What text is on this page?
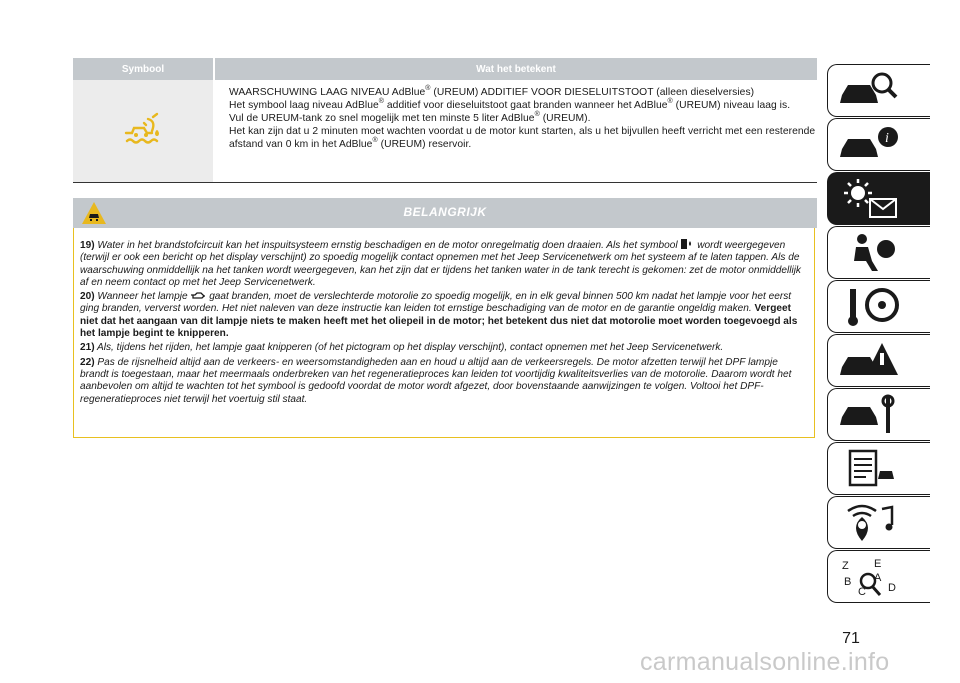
Symbool	Wat het betekent

WAARSCHUWING LAAG NIVEAU AdBlue® (UREUM) ADDITIEF VOOR DIESELUITSTOOT (alleen dieselversies)

Het symbool laag niveau AdBlue® additief voor dieseluitstoot gaat branden wanneer het AdBlue® (UREUM) niveau laag is.

Vul de UREUM-tank zo snel mogelijk met ten minste 5 liter AdBlue® (UREUM).

Het kan zijn dat u 2 minuten moet wachten voordat u de motor kunt starten, als u het bijvullen heeft verricht met een resterende afstand van 0 km in het AdBlue® (UREUM) reservoir.

BELANGRIJK

19) Water in het brandstofcircuit kan het inspuitsysteem ernstig beschadigen en de motor onregelmatig doen draaien. Als het symbool wordt weergegeven (terwijl er ook een bericht op het display verschijnt) zo spoedig mogelijk contact opnemen met het Jeep Servicenetwerk om het systeem af te laten tappen. Als de waarschuwing onmiddellijk na het tanken wordt weergegeven, kan het zijn dat er tijdens het tanken water in de tank terecht is gekomen: zet de motor onmiddellijk af en neem contact op met het Jeep Servicenetwerk.

20) Wanneer het lampje gaat branden, moet de verslechterde motorolie zo spoedig mogelijk, en in elk geval binnen 500 km nadat het lampje voor het eerst ging branden, ververst worden. Het niet naleven van deze instructie kan leiden tot ernstige beschadiging van de motor en de garantie ongeldig maken. Vergeet niet dat het aangaan van dit lampje niets te maken heeft met het oliepeil in de motor; het betekent dus niet dat motorolie moet worden toegevoegd als het lampje begint te knipperen.

21) Als, tijdens het rijden, het lampje gaat knipperen (of het pictogram op het display verschijnt), contact opnemen met het Jeep Servicenetwerk.

22) Pas de rijsnelheid altijd aan de verkeers- en weersomstandigheden aan en houd u altijd aan de verkeersregels. De motor afzetten terwijl het DPF lampje brandt is toegestaan, maar het meermaals onderbreken van het regeneratieproces kan leiden tot voortijdig kwaliteitsverlies van de motorolie. Daarom wordt het aanbevolen om altijd te wachten tot het symbool is gedoofd voordat de motor wordt afgezet, door bovenstaande aanwijzingen te volgen. Voltooi het DPF-regeneratieproces niet terwijl het voertuig stil staat.

i
Z E
B A
C D
71
carmanualsonline.info
